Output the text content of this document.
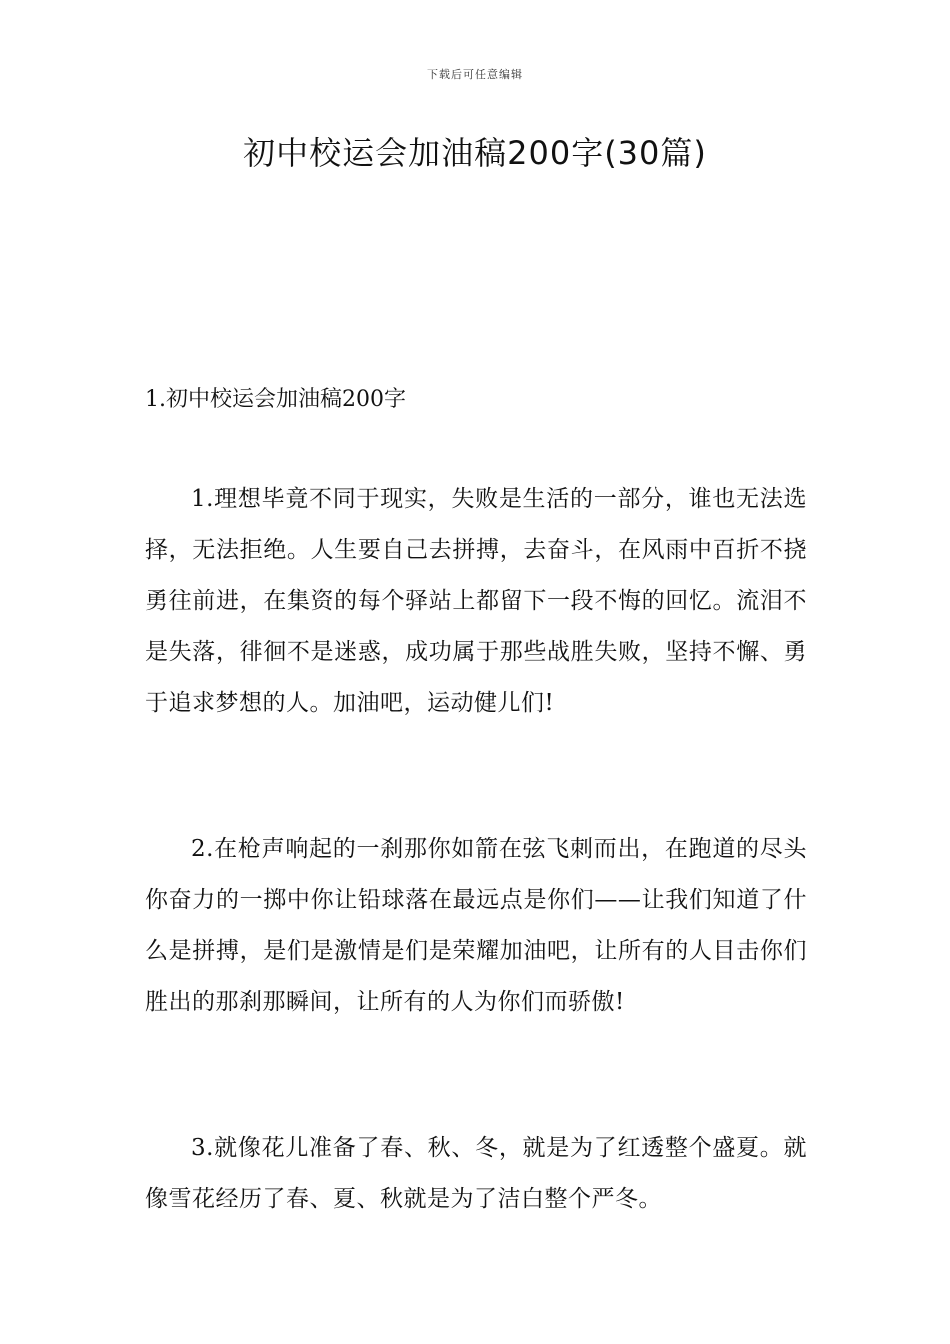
下载后可任意编辑
初中校运会加油稿200字(30篇)
1.初中校运会加油稿200字

1.理想毕竟不同于现实，失败是生活的一部分，谁也无法选择，无法拒绝。人生要自己去拼搏，去奋斗，在风雨中百折不挠勇往前进，在集资的每个驿站上都留下一段不悔的回忆。流泪不是失落，徘徊不是迷惑，成功属于那些战胜失败，坚持不懈、勇于追求梦想的人。加油吧，运动健儿们!

2.在枪声响起的一刹那你如箭在弦飞刺而出，在跑道的尽头你奋力的一掷中你让铅球落在最远点是你们——让我们知道了什么是拼搏，是们是激情是们是荣耀加油吧，让所有的人目击你们胜出的那刹那瞬间，让所有的人为你们而骄傲!

3.就像花儿准备了春、秋、冬，就是为了红透整个盛夏。就像雪花经历了春、夏、秋就是为了洁白整个严冬。
